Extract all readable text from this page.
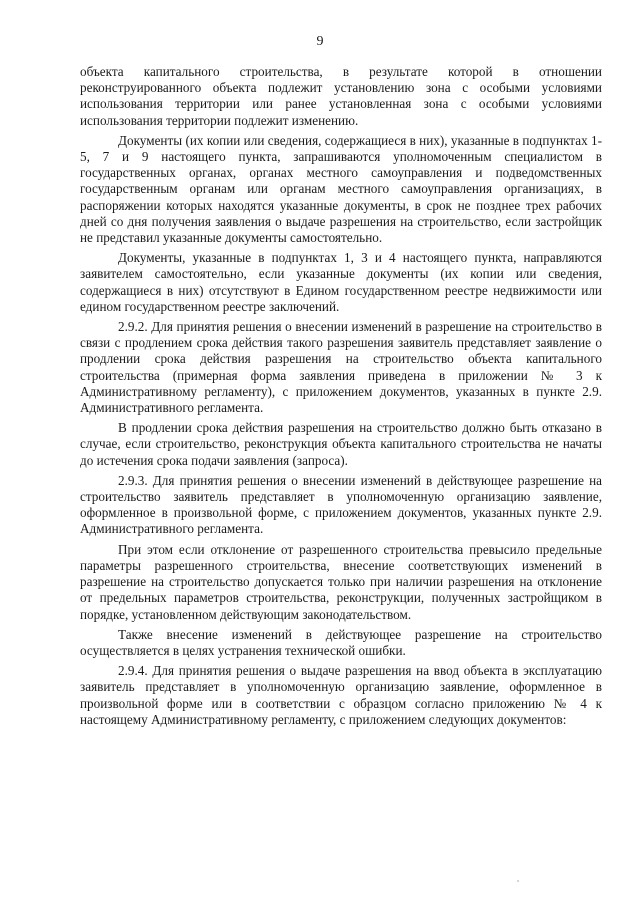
9

объекта капитального строительства, в результате которой в отношении реконструированного объекта подлежит установлению зона с особыми условиями использования территории или ранее установленная зона с особыми условиями использования территории подлежит изменению.

Документы (их копии или сведения, содержащиеся в них), указанные в подпунктах 1-5, 7 и 9 настоящего пункта, запрашиваются уполномоченным специалистом в государственных органах, органах местного самоуправления и подведомственных государственным органам или органам местного самоуправления организациях, в распоряжении которых находятся указанные документы, в срок не позднее трех рабочих дней со дня получения заявления о выдаче разрешения на строительство, если застройщик не представил указанные документы самостоятельно.

Документы, указанные в подпунктах 1, 3 и 4 настоящего пункта, направляются заявителем самостоятельно, если указанные документы (их копии или сведения, содержащиеся в них) отсутствуют в Едином государственном реестре недвижимости или едином государственном реестре заключений.

2.9.2. Для принятия решения о внесении изменений в разрешение на строительство в связи с продлением срока действия такого разрешения заявитель представляет заявление о продлении срока действия разрешения на строительство объекта капитального строительства (примерная форма заявления приведена в приложении № 3 к Административному регламенту), с приложением документов, указанных в пункте 2.9. Административного регламента.

В продлении срока действия разрешения на строительство должно быть отказано в случае, если строительство, реконструкция объекта капитального строительства не начаты до истечения срока подачи заявления (запроса).

2.9.3. Для принятия решения о внесении изменений в действующее разрешение на строительство заявитель представляет в уполномоченную организацию заявление, оформленное в произвольной форме, с приложением документов, указанных пункте 2.9. Административного регламента.

При этом если отклонение от разрешенного строительства превысило предельные параметры разрешенного строительства, внесение соответствующих изменений в разрешение на строительство допускается только при наличии разрешения на отклонение от предельных параметров строительства, реконструкции, полученных застройщиком в порядке, установленном действующим законодательством.

Также внесение изменений в действующее разрешение на строительство осуществляется в целях устранения технической ошибки.

2.9.4. Для принятия решения о выдаче разрешения на ввод объекта в эксплуатацию заявитель представляет в уполномоченную организацию заявление, оформленное в произвольной форме или в соответствии с образцом согласно приложению № 4 к настоящему Административному регламенту, с приложением следующих документов:
